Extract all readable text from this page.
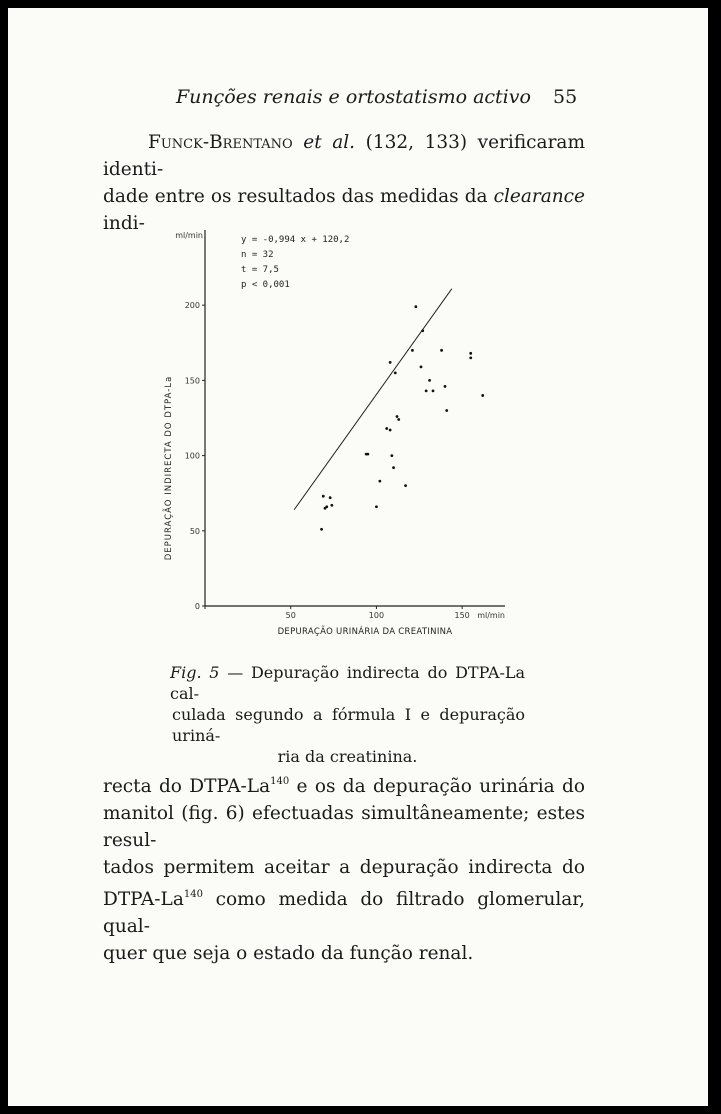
Funções renais e ortostatismo activo 55
Funck-Brentano et al. (132, 133) verificaram identi-
dade entre os resultados das medidas da clearance indi-
0
50
100
150
200
50	100	150
y = -0,994 x + 120,2
n = 32
t = 7,5
p < 0,001
ml/min
ml/min
DEPURAÇÃO URINÁRIA DA CREATININA
DEPURAÇÃO INDIRECTA DO DTPA-La
Fig. 5 — Depuração indirecta do DTPA-La cal-
culada segundo a fórmula I e depuração uriná-
ria da creatinina.
recta do DTPA-La$^{140}$ e os da depuração urinária do
manitol (fig. 6) efectuadas simultâneamente; estes resul-
tados permitem aceitar a depuração indirecta do
DTPA-La$^{140}$ como medida do filtrado glomerular, qual-
quer que seja o estado da função renal.
